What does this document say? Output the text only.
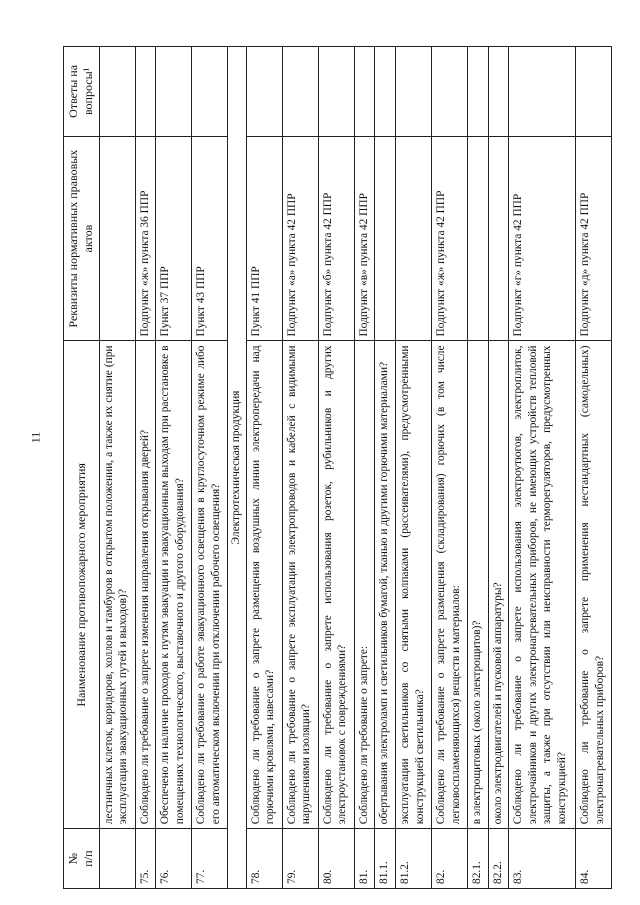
11
№
п/п	Наименование противопожарного мероприятия	Реквизиты нормативных правовых актов	Ответы на вопросы¹
	лестничных клеток, коридоров, холлов и тамбуров в открытом положении, а также их снятие (при эксплуатации эвакуационных путей и выходов)?		
75.	Соблюдено ли требование о запрете изменения направления открывания дверей?	Подпункт «ж» пункта 36 ППР	
76.	Обеспечено ли наличие проходов к путям эвакуации и эвакуационным выходам при расстановке в помещениях технологического, выставочного и другого оборудования?	Пункт 37 ППР	
77.	Соблюдено ли требование о работе эвакуационного освещения в круглосуточном режиме либо его автоматическом включении при отключении рабочего освещения?	Пункт 43 ППР	
Электротехническая продукция			
78.	Соблюдено ли требование о запрете размещения воздушных линии электропередачи над горючими кровлями, навесами?	Пункт 41 ППР	
79.	Соблюдено ли требование о запрете эксплуатации электропроводов и кабелей с видимыми нарушениями изоляции?	Подпункт «а» пункта 42 ППР	
80.	Соблюдено ли требование о запрете использования розеток, рубильников и других электроустановок с повреждениями?	Подпункт «б» пункта 42 ППР	
81.	Соблюдено ли требование о запрете:	Подпункт «в» пункта 42 ППР	
81.1.	обертывания электроламп и светильников бумагой, тканью и другими горючими материалами?		
81.2.	эксплуатации светильников со снятыми колпаками (рассеивателями), предусмотренными конструкцией светильника?		
82.	Соблюдено ли требование о запрете размещения (складирования) горючих (в том числе легковоспламеняющихся) веществ и материалов:	Подпункт «ж» пункта 42 ППР	
82.1.	в электрощитовых (около электрощитов)?		
82.2.	около электродвигателей и пусковой аппаратуры?		
83.	Соблюдено ли требование о запрете использования электроутюгов, электроплиток, электрочайников и других электронагревательных приборов, не имеющих устройств тепловой защиты, а также при отсутствии или неисправности терморегуляторов, предусмотренных конструкцией?	Подпункт «г» пункта 42 ППР	
84.	Соблюдено ли требование о запрете применения нестандартных (самодельных) электронагревательных приборов?	Подпункт «д» пункта 42 ППР	
